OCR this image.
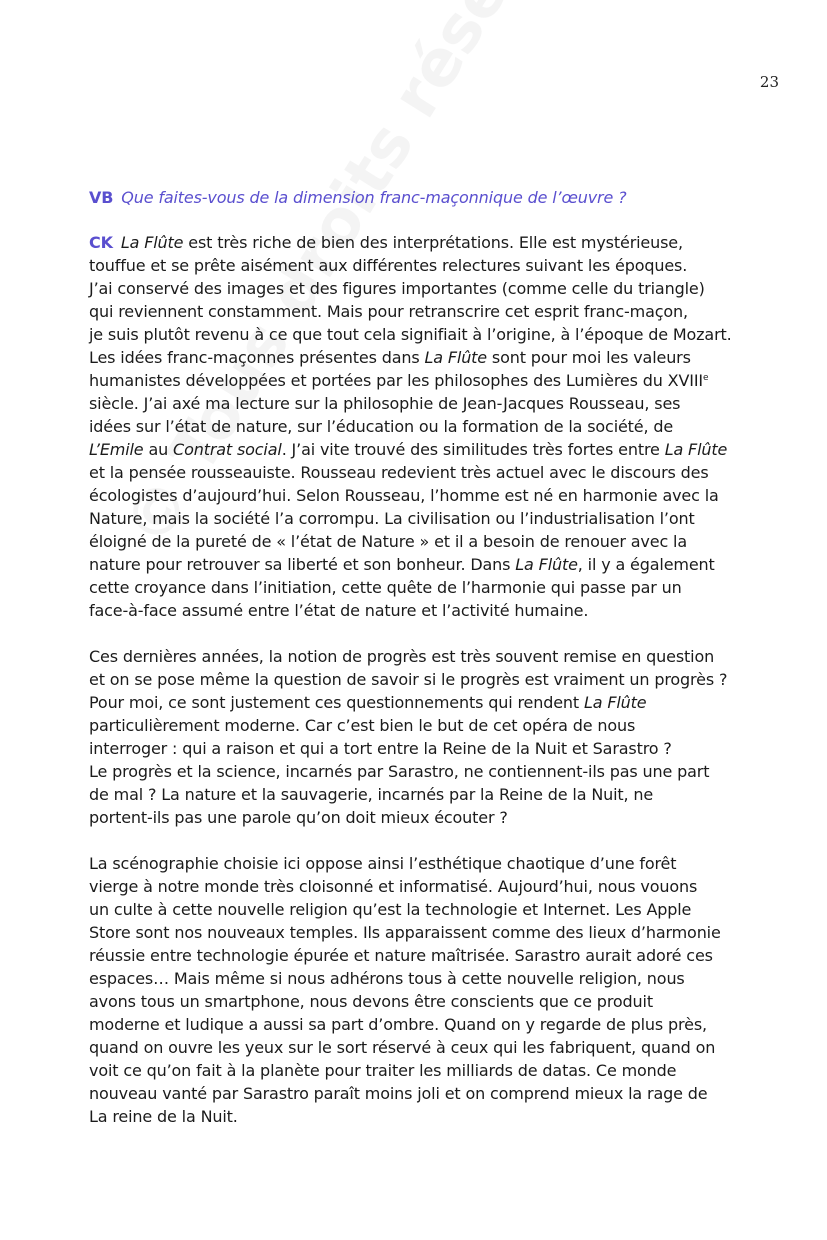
23

VB Que faites-vous de la dimension franc-maçonnique de l’œuvre ?

CK La Flûte est très riche de bien des interprétations. Elle est mystérieuse,
touffue et se prête aisément aux différentes relectures suivant les époques.
J’ai conservé des images et des figures importantes (comme celle du triangle)
qui reviennent constamment. Mais pour retranscrire cet esprit franc-maçon,
je suis plutôt revenu à ce que tout cela signifiait à l’origine, à l’époque de Mozart.
Les idées franc-maçonnes présentes dans La Flûte sont pour moi les valeurs
humanistes développées et portées par les philosophes des Lumières du XVIIIe
siècle. J’ai axé ma lecture sur la philosophie de Jean-Jacques Rousseau, ses
idées sur l’état de nature, sur l’éducation ou la formation de la société, de
L’Emile au Contrat social. J’ai vite trouvé des similitudes très fortes entre La Flûte
et la pensée rousseauiste. Rousseau redevient très actuel avec le discours des
écologistes d’aujourd’hui. Selon Rousseau, l’homme est né en harmonie avec la
Nature, mais la société l’a corrompu. La civilisation ou l’industrialisation l’ont
éloigné de la pureté de « l’état de Nature » et il a besoin de renouer avec la
nature pour retrouver sa liberté et son bonheur. Dans La Flûte, il y a également
cette croyance dans l’initiation, cette quête de l’harmonie qui passe par un
face-à-face assumé entre l’état de nature et l’activité humaine.

Ces dernières années, la notion de progrès est très souvent remise en question
et on se pose même la question de savoir si le progrès est vraiment un progrès ?
Pour moi, ce sont justement ces questionnements qui rendent La Flûte
particulièrement moderne. Car c’est bien le but de cet opéra de nous
interroger : qui a raison et qui a tort entre la Reine de la Nuit et Sarastro ?
Le progrès et la science, incarnés par Sarastro, ne contiennent-ils pas une part
de mal ? La nature et la sauvagerie, incarnés par la Reine de la Nuit, ne
portent-ils pas une parole qu’on doit mieux écouter ?

La scénographie choisie ici oppose ainsi l’esthétique chaotique d’une forêt
vierge à notre monde très cloisonné et informatisé. Aujourd’hui, nous vouons
un culte à cette nouvelle religion qu’est la technologie et Internet. Les Apple
Store sont nos nouveaux temples. Ils apparaissent comme des lieux d’harmonie
réussie entre technologie épurée et nature maîtrisée. Sarastro aurait adoré ces
espaces… Mais même si nous adhérons tous à cette nouvelle religion, nous
avons tous un smartphone, nous devons être conscients que ce produit
moderne et ludique a aussi sa part d’ombre. Quand on y regarde de plus près,
quand on ouvre les yeux sur le sort réservé à ceux qui les fabriquent, quand on
voit ce qu’on fait à la planète pour traiter les milliards de datas. Ce monde
nouveau vanté par Sarastro paraît moins joli et on comprend mieux la rage de
La reine de la Nuit.
